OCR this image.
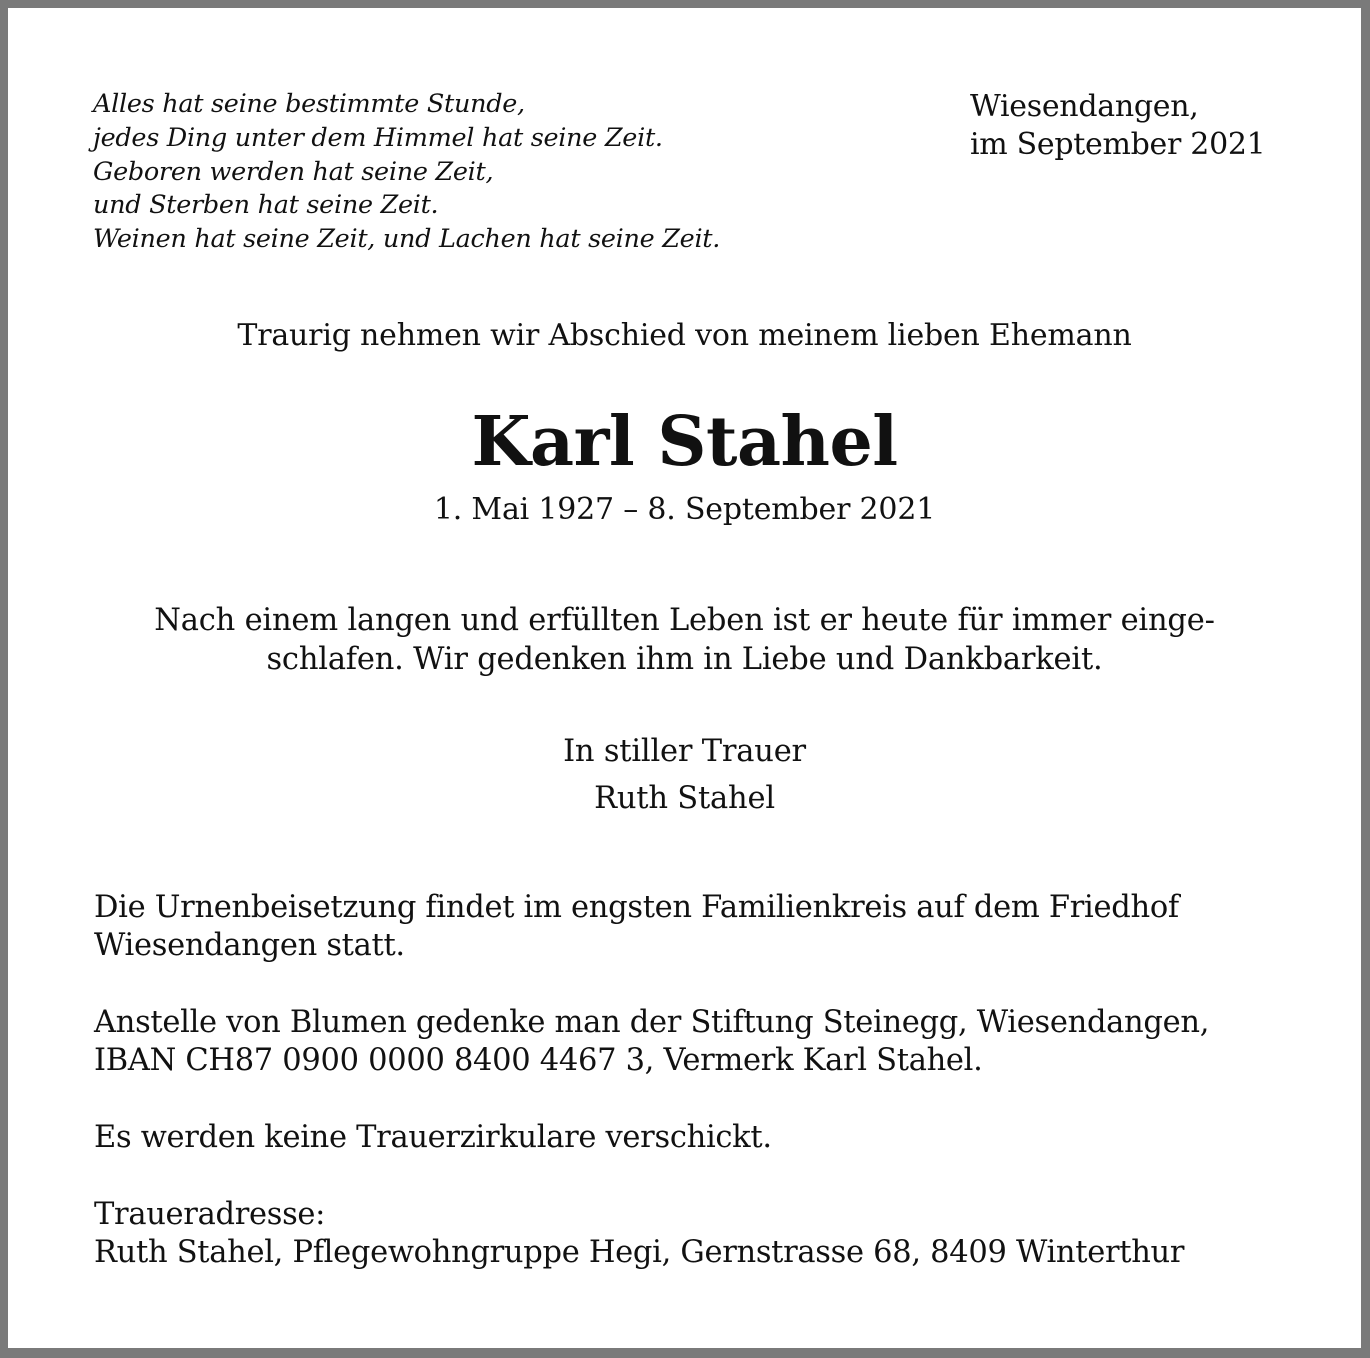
Alles hat seine bestimmte Stunde,
jedes Ding unter dem Himmel hat seine Zeit.
Geboren werden hat seine Zeit,
und Sterben hat seine Zeit.
Weinen hat seine Zeit, und Lachen hat seine Zeit.
Wiesendangen,
im September 2021
Traurig nehmen wir Abschied von meinem lieben Ehemann
Karl Stahel
1. Mai 1927 – 8. September 2021
Nach einem langen und erfüllten Leben ist er heute für immer einge-
schlafen. Wir gedenken ihm in Liebe und Dankbarkeit.
In stiller Trauer
Ruth Stahel
Die Urnenbeisetzung findet im engsten Familienkreis auf dem Friedhof
Wiesendangen statt.
Anstelle von Blumen gedenke man der Stiftung Steinegg, Wiesendangen,
IBAN CH87 0900 0000 8400 4467 3, Vermerk Karl Stahel.
Es werden keine Trauerzirkulare verschickt.
Traueradresse:
Ruth Stahel, Pflegewohngruppe Hegi, Gernstrasse 68, 8409 Winterthur
